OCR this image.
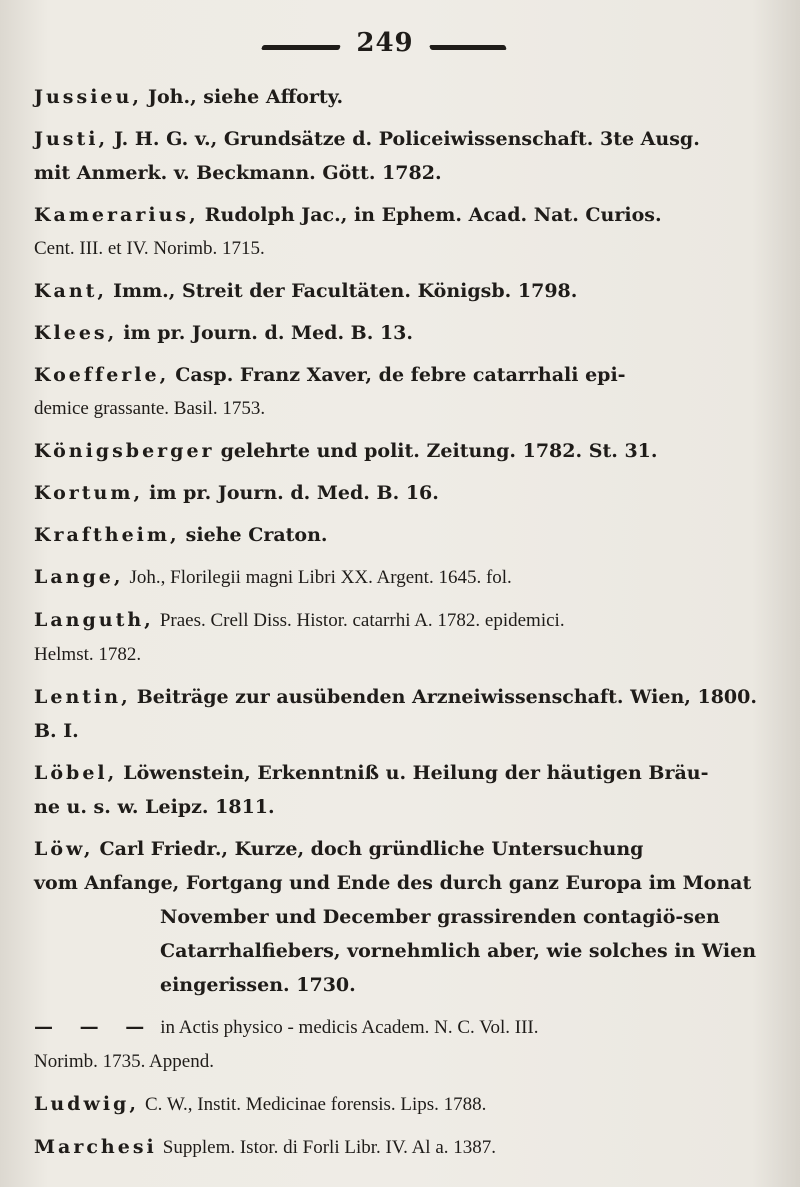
249
Jussieu, Joh., siehe Afforty.
Justi, J. H. G. v., Grundsätze d. Policeiwissenschaft. 3te Ausg.
mit Anmerk. v. Beckmann. Gött. 1782.
Kamerarius, Rudolph Jac., in Ephem. Acad. Nat. Curios.
Cent. III. et IV. Norimb. 1715.
Kant, Imm., Streit der Facultäten. Königsb. 1798.
Klees, im pr. Journ. d. Med. B. 13.
Koefferle, Casp. Franz Xaver, de febre catarrhali epi-
demice grassante. Basil. 1753.
Königsberger gelehrte und polit. Zeitung. 1782. St. 31.
Kortum, im pr. Journ. d. Med. B. 16.
Kraftheim, siehe Craton.
Lange, Joh., Florilegii magni Libri XX. Argent. 1645. fol.
Languth, Praes. Crell Diss. Histor. catarrhi A. 1782. epidemici.
Helmst. 1782.
Lentin, Beiträge zur ausübenden Arzneiwissenschaft. Wien, 1800.
B. I.
Löbel, Löwenstein, Erkenntniß u. Heilung der häutigen Bräu-
ne u. s. w. Leipz. 1811.
Löw, Carl Friedr., Kurze, doch gründliche Untersuchung
vom Anfange, Fortgang und Ende des durch ganz Europa im Monat November und December grassirenden contagiö-sen Catarrhalfiebers, vornehmlich aber, wie solches in Wien eingerissen. 1730.
— — — in Actis physico - medicis Academ. N. C. Vol. III.
Norimb. 1735. Append.
Ludwig, C. W., Instit. Medicinae forensis. Lips. 1788.
Marchesi Supplem. Istor. di Forli Libr. IV. Al a. 1387.
